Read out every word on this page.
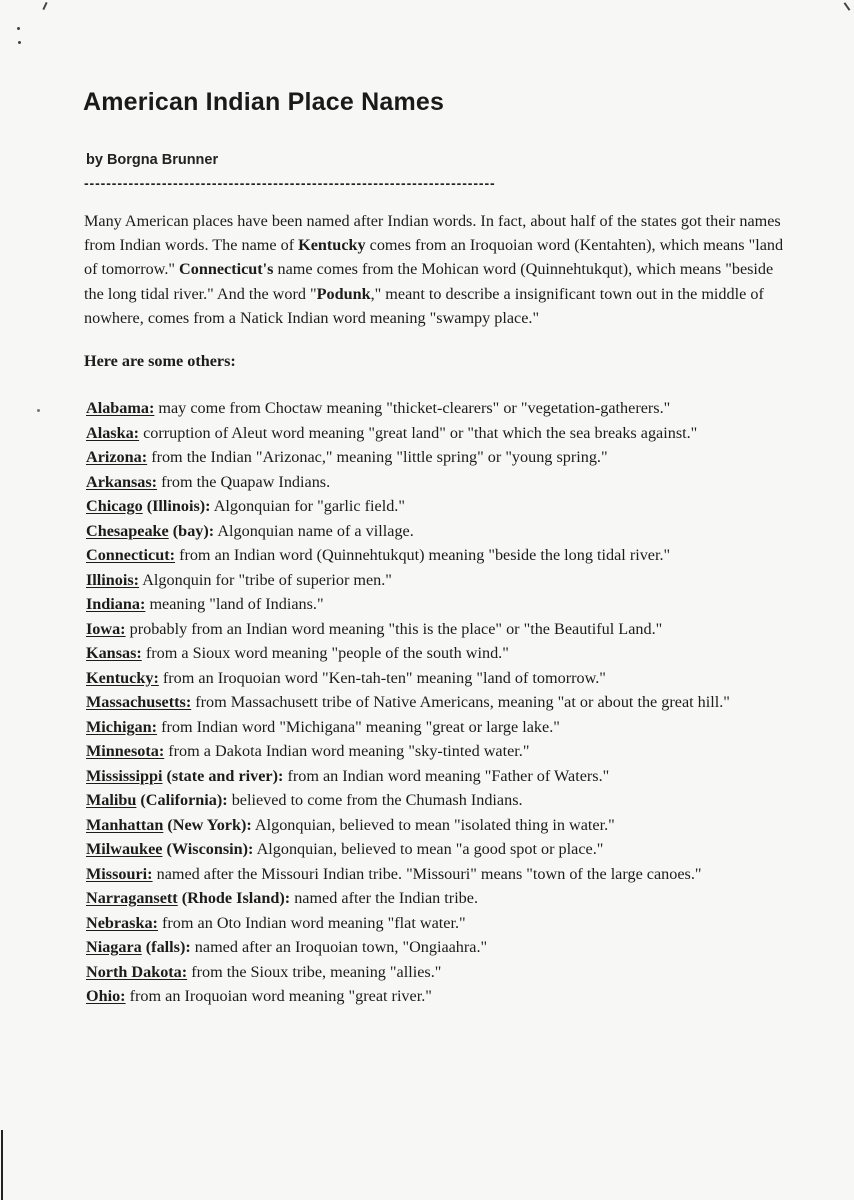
American Indian Place Names
by Borgna Brunner
--------------------------------------------------------------------------

Many American places have been named after Indian words. In fact, about half of the states got their names from Indian words. The name of Kentucky comes from an Iroquoian word (Kentahten), which means "land of tomorrow." Connecticut's name comes from the Mohican word (Quinnehtukqut), which means "beside the long tidal river." And the word "Podunk," meant to describe a insignificant town out in the middle of nowhere, comes from a Natick Indian word meaning "swampy place."

Here are some others:
Alabama: may come from Choctaw meaning "thicket-clearers" or "vegetation-gatherers."
Alaska: corruption of Aleut word meaning "great land" or "that which the sea breaks against."
Arizona: from the Indian "Arizonac," meaning "little spring" or "young spring."
Arkansas: from the Quapaw Indians.
Chicago (Illinois): Algonquian for "garlic field."
Chesapeake (bay): Algonquian name of a village.
Connecticut: from an Indian word (Quinnehtukqut) meaning "beside the long tidal river."
Illinois: Algonquin for "tribe of superior men."
Indiana: meaning "land of Indians."
Iowa: probably from an Indian word meaning "this is the place" or "the Beautiful Land."
Kansas: from a Sioux word meaning "people of the south wind."
Kentucky: from an Iroquoian word "Ken-tah-ten" meaning "land of tomorrow."
Massachusetts: from Massachusett tribe of Native Americans, meaning "at or about the great hill."
Michigan: from Indian word "Michigana" meaning "great or large lake."
Minnesota: from a Dakota Indian word meaning "sky-tinted water."
Mississippi (state and river): from an Indian word meaning "Father of Waters."
Malibu (California): believed to come from the Chumash Indians.
Manhattan (New York): Algonquian, believed to mean "isolated thing in water."
Milwaukee (Wisconsin): Algonquian, believed to mean "a good spot or place."
Missouri: named after the Missouri Indian tribe. "Missouri" means "town of the large canoes."
Narragansett (Rhode Island): named after the Indian tribe.
Nebraska: from an Oto Indian word meaning "flat water."
Niagara (falls): named after an Iroquoian town, "Ongiaahra."
North Dakota: from the Sioux tribe, meaning "allies."
Ohio: from an Iroquoian word meaning "great river."
